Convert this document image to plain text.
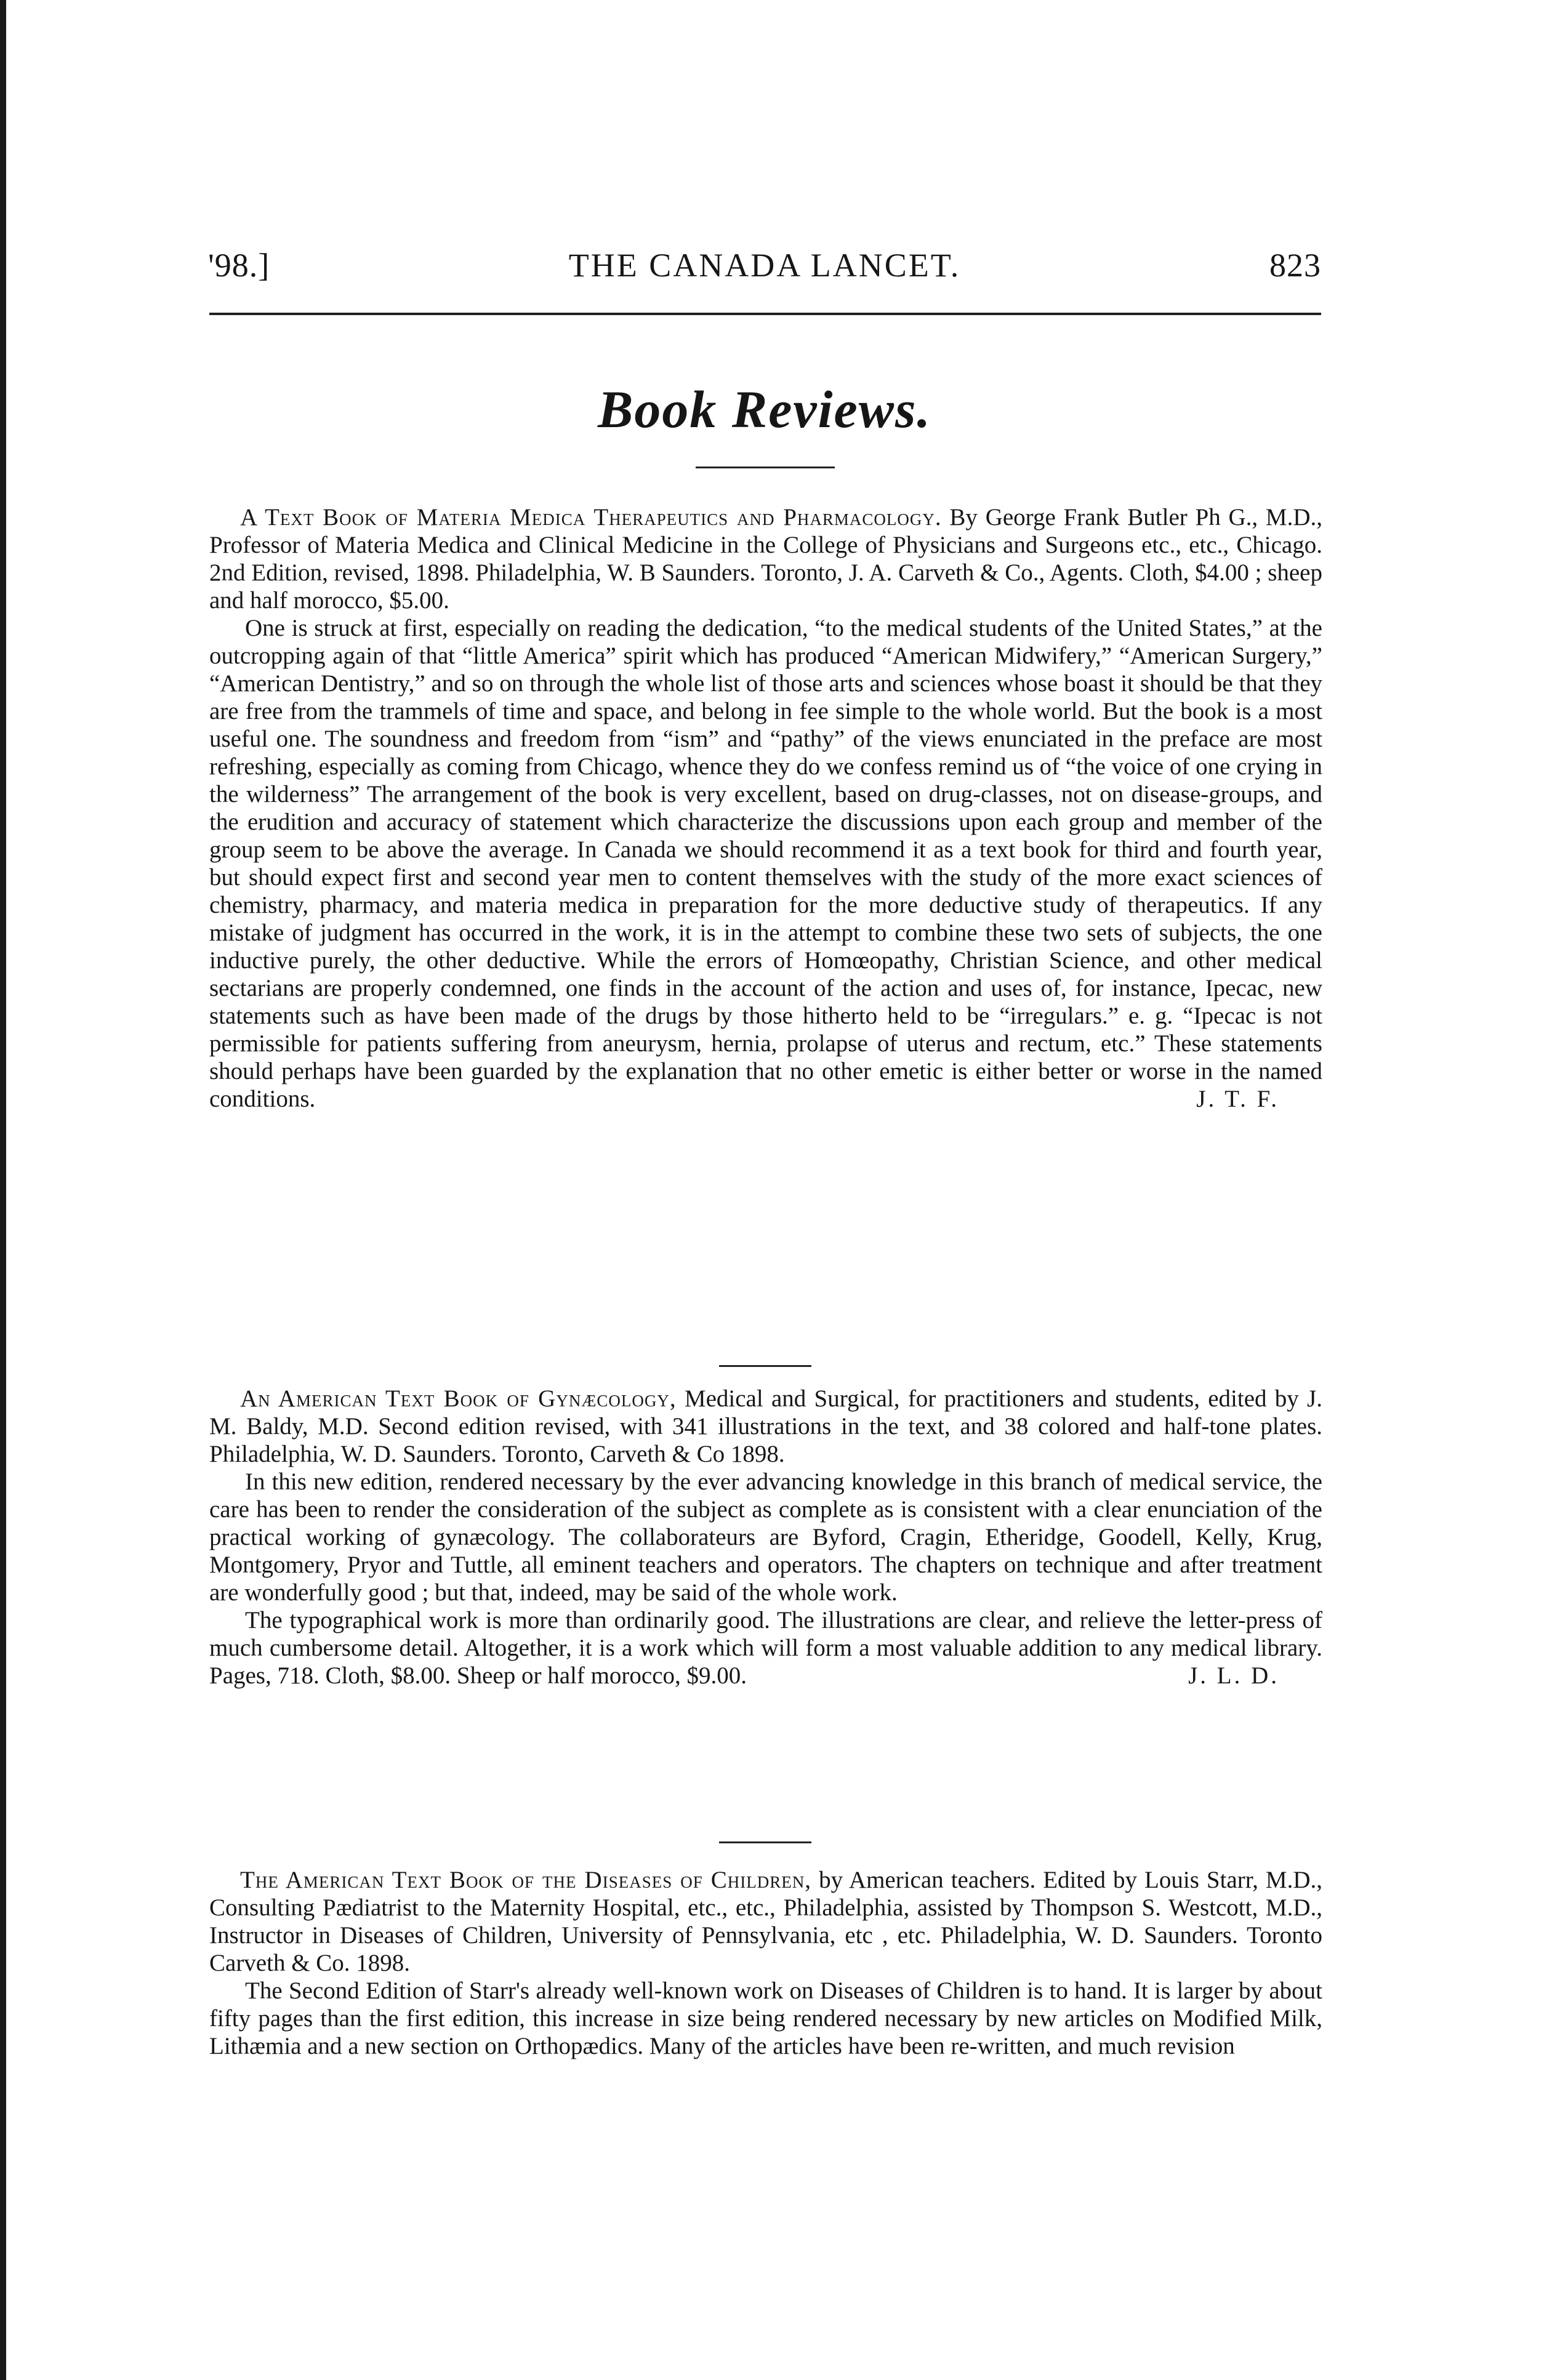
'98.]	THE CANADA LANCET.	823
Book Reviews.

A Text Book of Materia Medica Therapeutics and Pharmacology. By George Frank Butler Ph G., M.D., Professor of Materia Medica and Clinical Medicine in the College of Physicians and Surgeons etc., etc., Chicago. 2nd Edition, revised, 1898. Philadelphia, W. B Saunders. Toronto, J. A. Carveth & Co., Agents. Cloth, $4.00 ; sheep and half morocco, $5.00.

One is struck at first, especially on reading the dedication, “to the medical students of the United States,” at the outcropping again of that “little America” spirit which has produced “American Midwifery,” “American Surgery,” “American Dentistry,” and so on through the whole list of those arts and sciences whose boast it should be that they are free from the trammels of time and space, and belong in fee simple to the whole world. But the book is a most useful one. The soundness and freedom from “ism” and “pathy” of the views enunciated in the preface are most refreshing, especially as coming from Chicago, whence they do we confess remind us of “the voice of one crying in the wilderness” The arrangement of the book is very excellent, based on drug-classes, not on disease-groups, and the erudition and accuracy of statement which characterize the discussions upon each group and member of the group seem to be above the average. In Canada we should recommend it as a text book for third and fourth year, but should expect first and second year men to content themselves with the study of the more exact sciences of chemistry, pharmacy, and materia medica in preparation for the more deductive study of therapeutics. If any mistake of judgment has occurred in the work, it is in the attempt to combine these two sets of subjects, the one inductive purely, the other deductive. While the errors of Homœopathy, Christian Science, and other medical sectarians are properly condemned, one finds in the account of the action and uses of, for instance, Ipecac, new statements such as have been made of the drugs by those hitherto held to be “irregulars.” e. g. “Ipecac is not permissible for patients suffering from aneurysm, hernia, prolapse of uterus and rectum, etc.” These statements should perhaps have been guarded by the explanation that no other emetic is either better or worse in the named conditions.	J. T. F.

An American Text Book of Gynæcology, Medical and Surgical, for practitioners and students, edited by J. M. Baldy, M.D. Second edition revised, with 341 illustrations in the text, and 38 colored and half-tone plates. Philadelphia, W. D. Saunders. Toronto, Carveth & Co 1898.

In this new edition, rendered necessary by the ever advancing knowledge in this branch of medical service, the care has been to render the consideration of the subject as complete as is consistent with a clear enunciation of the practical working of gynæcology. The collaborateurs are Byford, Cragin, Etheridge, Goodell, Kelly, Krug, Montgomery, Pryor and Tuttle, all eminent teachers and operators. The chapters on technique and after treatment are wonderfully good ; but that, indeed, may be said of the whole work.

The typographical work is more than ordinarily good. The illustrations are clear, and relieve the letter-press of much cumbersome detail. Altogether, it is a work which will form a most valuable addition to any medical library. Pages, 718. Cloth, $8.00. Sheep or half morocco, $9.00.	J. L. D.

The American Text Book of the Diseases of Children, by American teachers. Edited by Louis Starr, M.D., Consulting Pædiatrist to the Maternity Hospital, etc., etc., Philadelphia, assisted by Thompson S. Westcott, M.D., Instructor in Diseases of Children, University of Pennsylvania, etc , etc. Philadelphia, W. D. Saunders. Toronto Carveth & Co. 1898.

The Second Edition of Starr's already well-known work on Diseases of Children is to hand. It is larger by about fifty pages than the first edition, this increase in size being rendered necessary by new articles on Modified Milk, Lithæmia and a new section on Orthopædics. Many of the articles have been re-written, and much revision
